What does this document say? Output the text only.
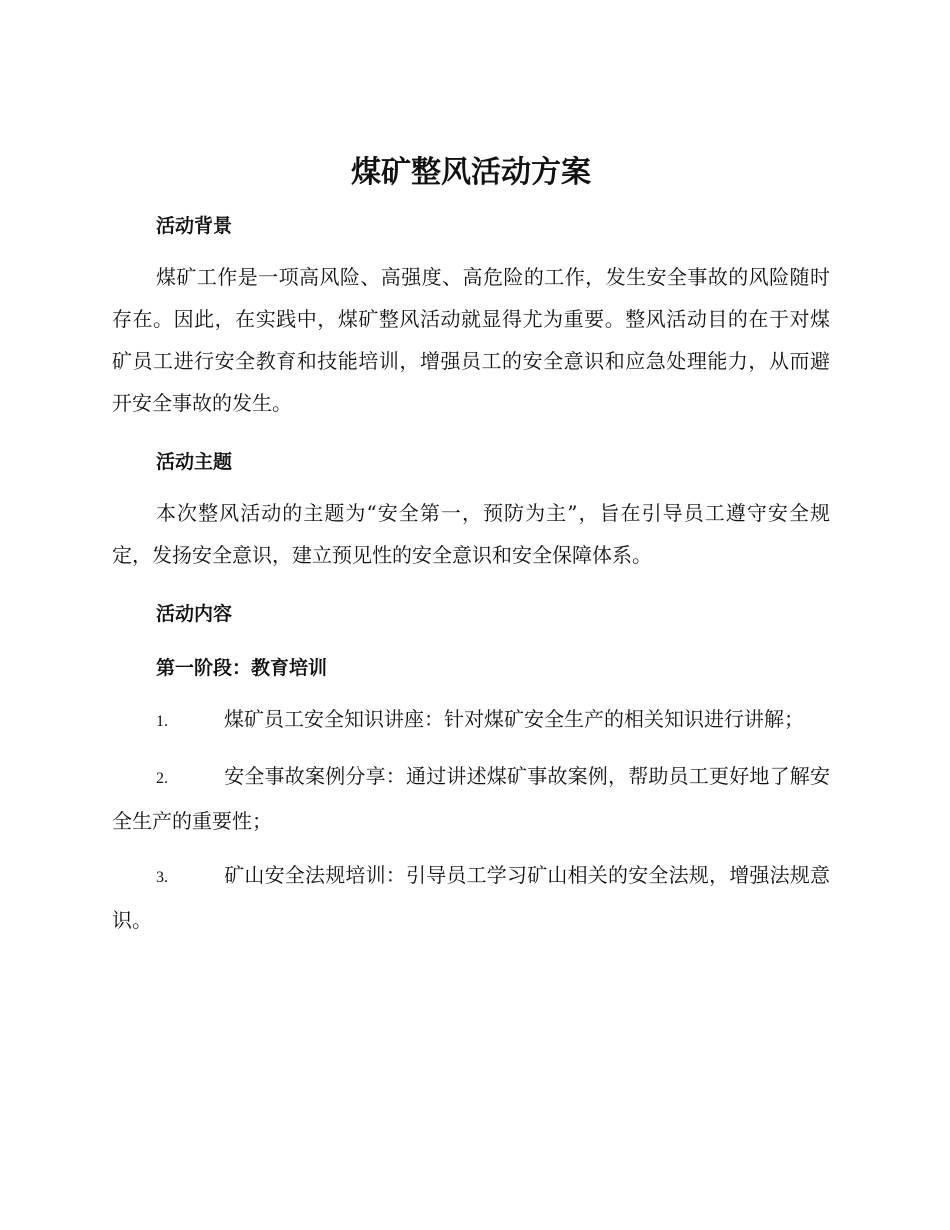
煤矿整风活动方案
活动背景

煤矿工作是一项高风险、高强度、高危险的工作，发生安全事故的风险随时存在。因此，在实践中，煤矿整风活动就显得尤为重要。整风活动目的在于对煤矿员工进行安全教育和技能培训，增强员工的安全意识和应急处理能力，从而避开安全事故的发生。

活动主题

本次整风活动的主题为“安全第一，预防为主”，旨在引导员工遵守安全规定，发扬安全意识，建立预见性的安全意识和安全保障体系。

活动内容
第一阶段：教育培训

1.	煤矿员工安全知识讲座：针对煤矿安全生产的相关知识进行讲解；

2.	安全事故案例分享：通过讲述煤矿事故案例，帮助员工更好地了解安全生产的重要性；

3.	矿山安全法规培训：引导员工学习矿山相关的安全法规，增强法规意识。
